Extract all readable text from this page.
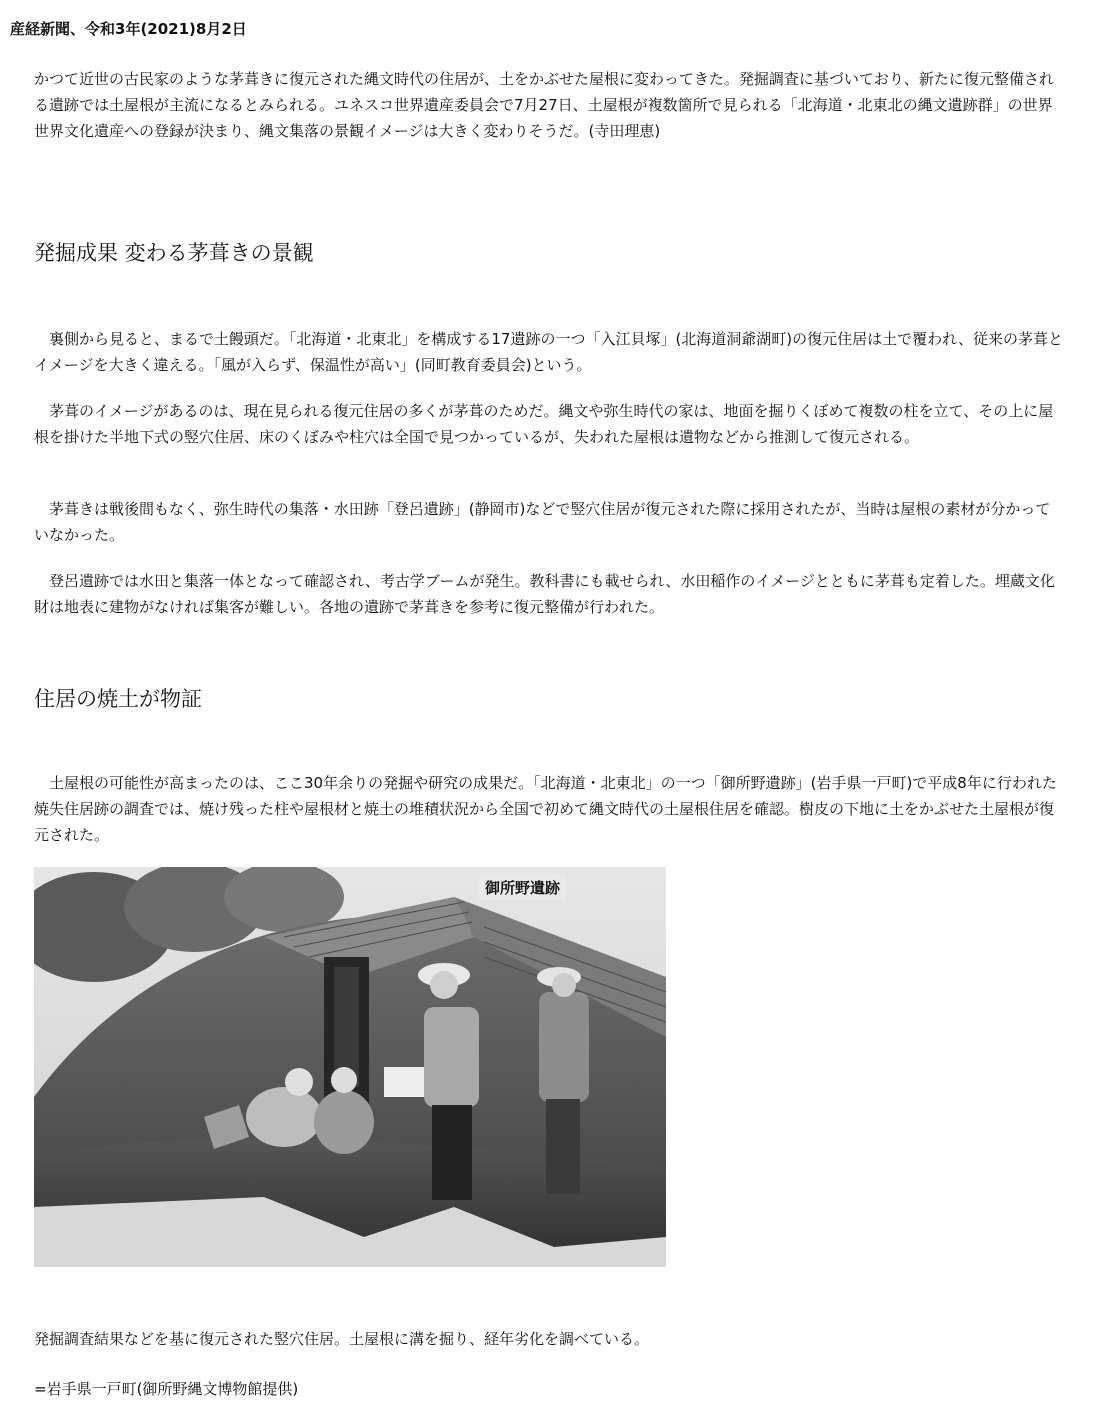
産経新聞、令和3年(2021)8月2日

かつて近世の古民家のような茅葺きに復元された縄文時代の住居が、土をかぶせた屋根に変わってきた。発掘調査に基づいており、新たに復元整備される遺跡では土屋根が主流になるとみられる。ユネスコ世界遺産委員会で7月27日、土屋根が複数箇所で見られる「北海道・北東北の縄文遺跡群」の世界世界文化遺産への登録が決まり、縄文集落の景観イメージは大きく変わりそうだ。(寺田理恵)

発掘成果 変わる茅葺きの景観

裏側から見ると、まるで土饅頭だ。「北海道・北東北」を構成する17遺跡の一つ「入江貝塚」(北海道洞爺湖町)の復元住居は土で覆われ、従来の茅葺とイメージを大きく違える。「風が入らず、保温性が高い」(同町教育委員会)という。

茅葺のイメージがあるのは、現在見られる復元住居の多くが茅葺のためだ。縄文や弥生時代の家は、地面を掘りくぼめて複数の柱を立て、その上に屋根を掛けた半地下式の竪穴住居、床のくぼみや柱穴は全国で見つかっているが、失われた屋根は遺物などから推測して復元される。

茅葺きは戦後間もなく、弥生時代の集落・水田跡「登呂遺跡」(静岡市)などで竪穴住居が復元された際に採用されたが、当時は屋根の素材が分かっていなかった。

登呂遺跡では水田と集落一体となって確認され、考古学ブームが発生。教科書にも載せられ、水田稲作のイメージとともに茅葺も定着した。埋蔵文化財は地表に建物がなければ集客が難しい。各地の遺跡で茅葺きを参考に復元整備が行われた。

住居の焼土が物証

土屋根の可能性が高まったのは、ここ30年余りの発掘や研究の成果だ。「北海道・北東北」の一つ「御所野遺跡」(岩手県一戸町)で平成8年に行われた焼失住居跡の調査では、焼け残った柱や屋根材と焼土の堆積状況から全国で初めて縄文時代の土屋根住居を確認。樹皮の下地に土をかぶせた土屋根が復元された。

御所野遺跡
発掘調査結果などを基に復元された竪穴住居。土屋根に溝を掘り、経年劣化を調べている。
=岩手県一戸町(御所野縄文博物館提供)
